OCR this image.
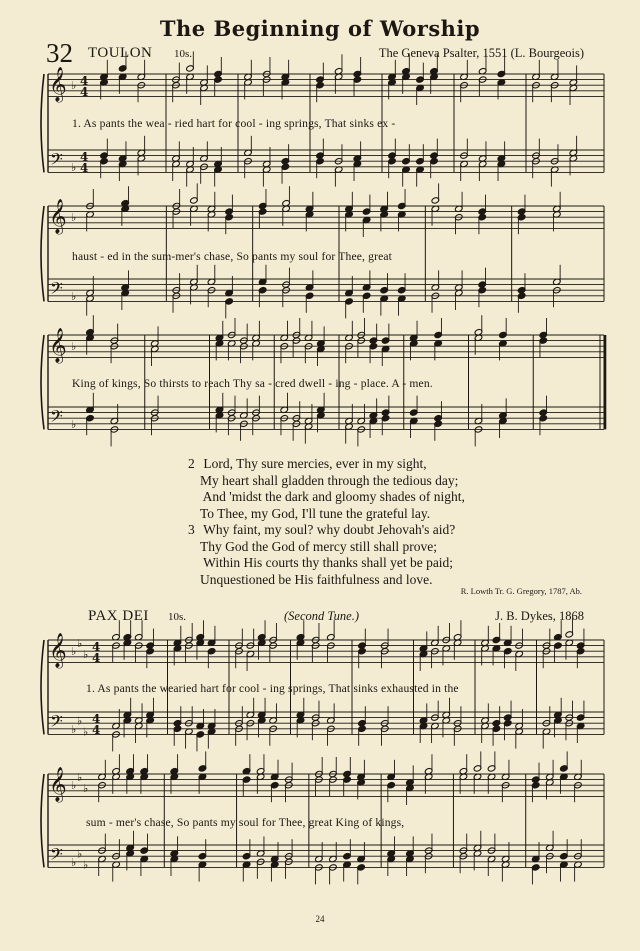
The Beginning of Worship
32 TOULON 10s.	The Geneva Psalter, 1551 (L. Bourgeois)
𝄞
𝄢
♭
♭
4
4
4
4
𝄞
𝄢
♭
♭
𝄞
𝄢
♭
♭
𝄞
𝄢
♭
♭
♭
♭
♭
♭
4
4
4
4
𝄞
𝄢
♭
♭
♭
♭
♭
♭
1. As pants the wea - ried hart for cool - ing springs, That sinks ex -
haust - ed in the sum-mer's chase, So pants my soul for Thee, great
King of kings, So thirsts to reach Thy sa - cred dwell - ing - place. A - men.
2 Lord, Thy sure mercies, ever in my sight,
My heart shall gladden through the tedious day;
And 'midst the dark and gloomy shades of night,
To Thee, my God, I'll tune the grateful lay.
3 Why faint, my soul? why doubt Jehovah's aid?
Thy God the God of mercy still shall prove;
Within His courts thy thanks shall yet be paid;
Unquestioned be His faithfulness and love.
R. Lowth Tr. G. Gregory, 1787, Ab.
PAX DEI 10s.	(Second Tune.)	J. B. Dykes, 1868
1. As pants the wearied hart for cool - ing springs, That sinks exhausted in the
sum - mer's chase, So pants my soul for Thee, great King of kings,
24
